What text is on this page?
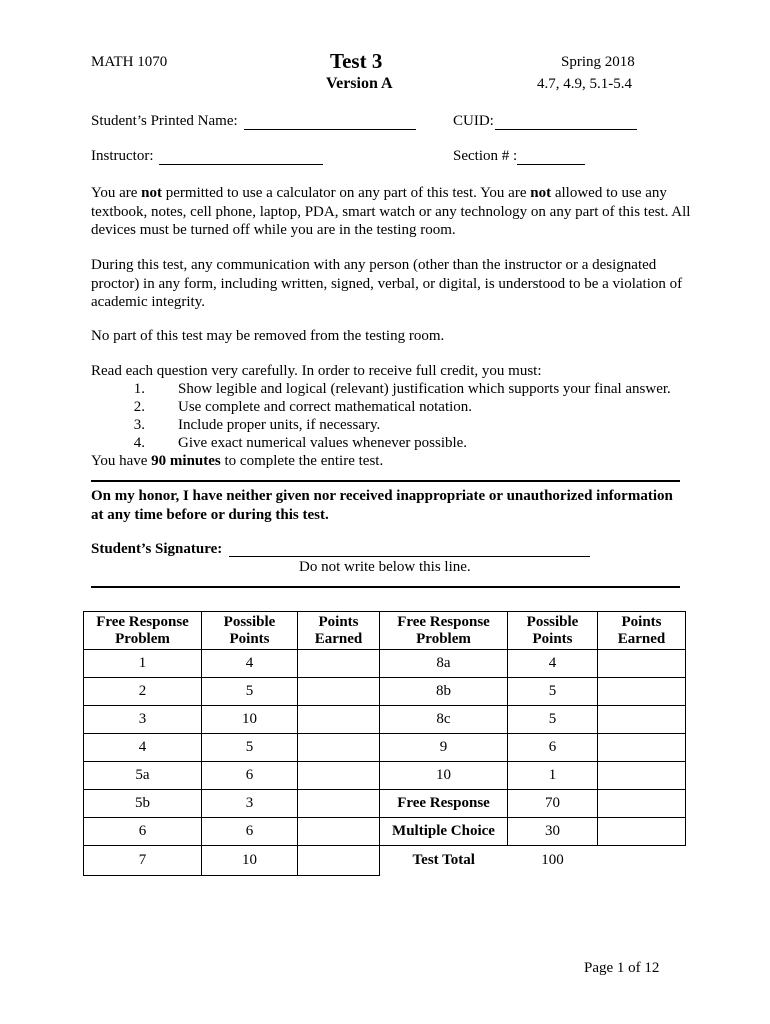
MATH 1070	Test 3
Version A
Spring 2018
4.7, 4.9, 5.1-5.4
Student’s Printed Name:	CUID:
Instructor:	Section # :
You are not permitted to use a calculator on any part of this test. You are not allowed to use any textbook, notes, cell phone, laptop, PDA, smart watch or any technology on any part of this test. All devices must be turned off while you are in the testing room.
During this test, any communication with any person (other than the instructor or a designated proctor) in any form, including written, signed, verbal, or digital, is understood to be a violation of academic integrity.
No part of this test may be removed from the testing room.
Read each question very carefully. In order to receive full credit, you must:
1.	Show legible and logical (relevant) justification which supports your final answer.
2.	Use complete and correct mathematical notation.
3.	Include proper units, if necessary.
4.	Give exact numerical values whenever possible.
You have 90 minutes to complete the entire test.
On my honor, I have neither given nor received inappropriate or unauthorized information at any time before or during this test.
Student’s Signature:
Do not write below this line.
Free Response Problem	Possible Points	Points Earned	Free Response Problem	Possible Points	Points Earned
1	4		8a	4	
2	5		8b	5	
3	10		8c	5	
4	5		9	6	
5a	6		10	1	
5b	3		Free Response	70	
6	6		Multiple Choice	30	
7	10		Test Total	100	
Page 1 of 12
